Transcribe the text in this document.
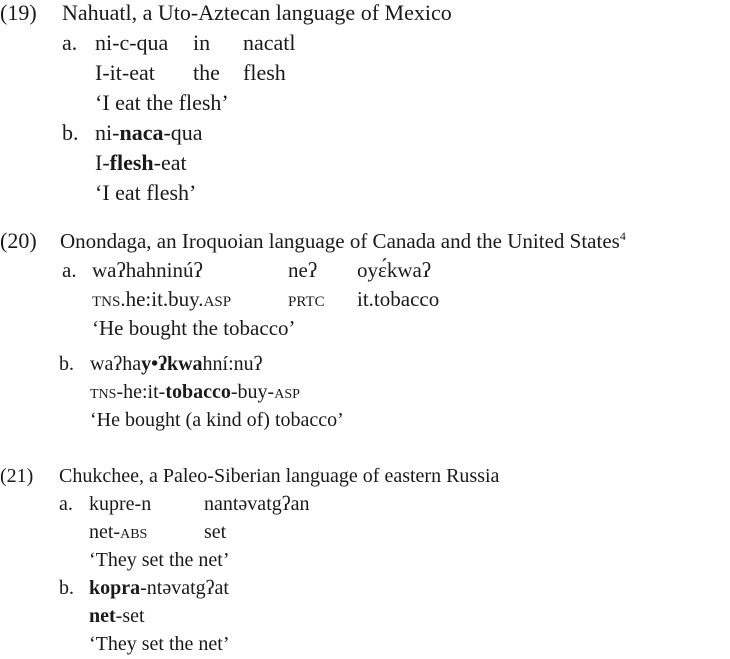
(19) Nahuatl, a Uto-Aztecan language of Mexico
a. ni-c-qua in nacatl
I-it-eat the flesh
‘I eat the flesh’
b. ni-naca-qua
I-flesh-eat
‘I eat flesh’
(20) Onondaga, an Iroquoian language of Canada and the United States$^4$
a. waʔhahninúʔ	neʔ oyɛ́kwaʔ
tns.he:it.buy.asp	prtc it.tobacco
‘He bought the tobacco’
b. waʔhay•ʔkwahní:nuʔ
tns-he:it-tobacco-buy-asp
‘He bought (a kind of) tobacco’
(21) Chukchee, a Paleo-Siberian language of eastern Russia
a. kupre-n	nantəvatgʔan
net-abs	set
‘They set the net’
b. kopra-ntəvatgʔat
net-set
‘They set the net’
